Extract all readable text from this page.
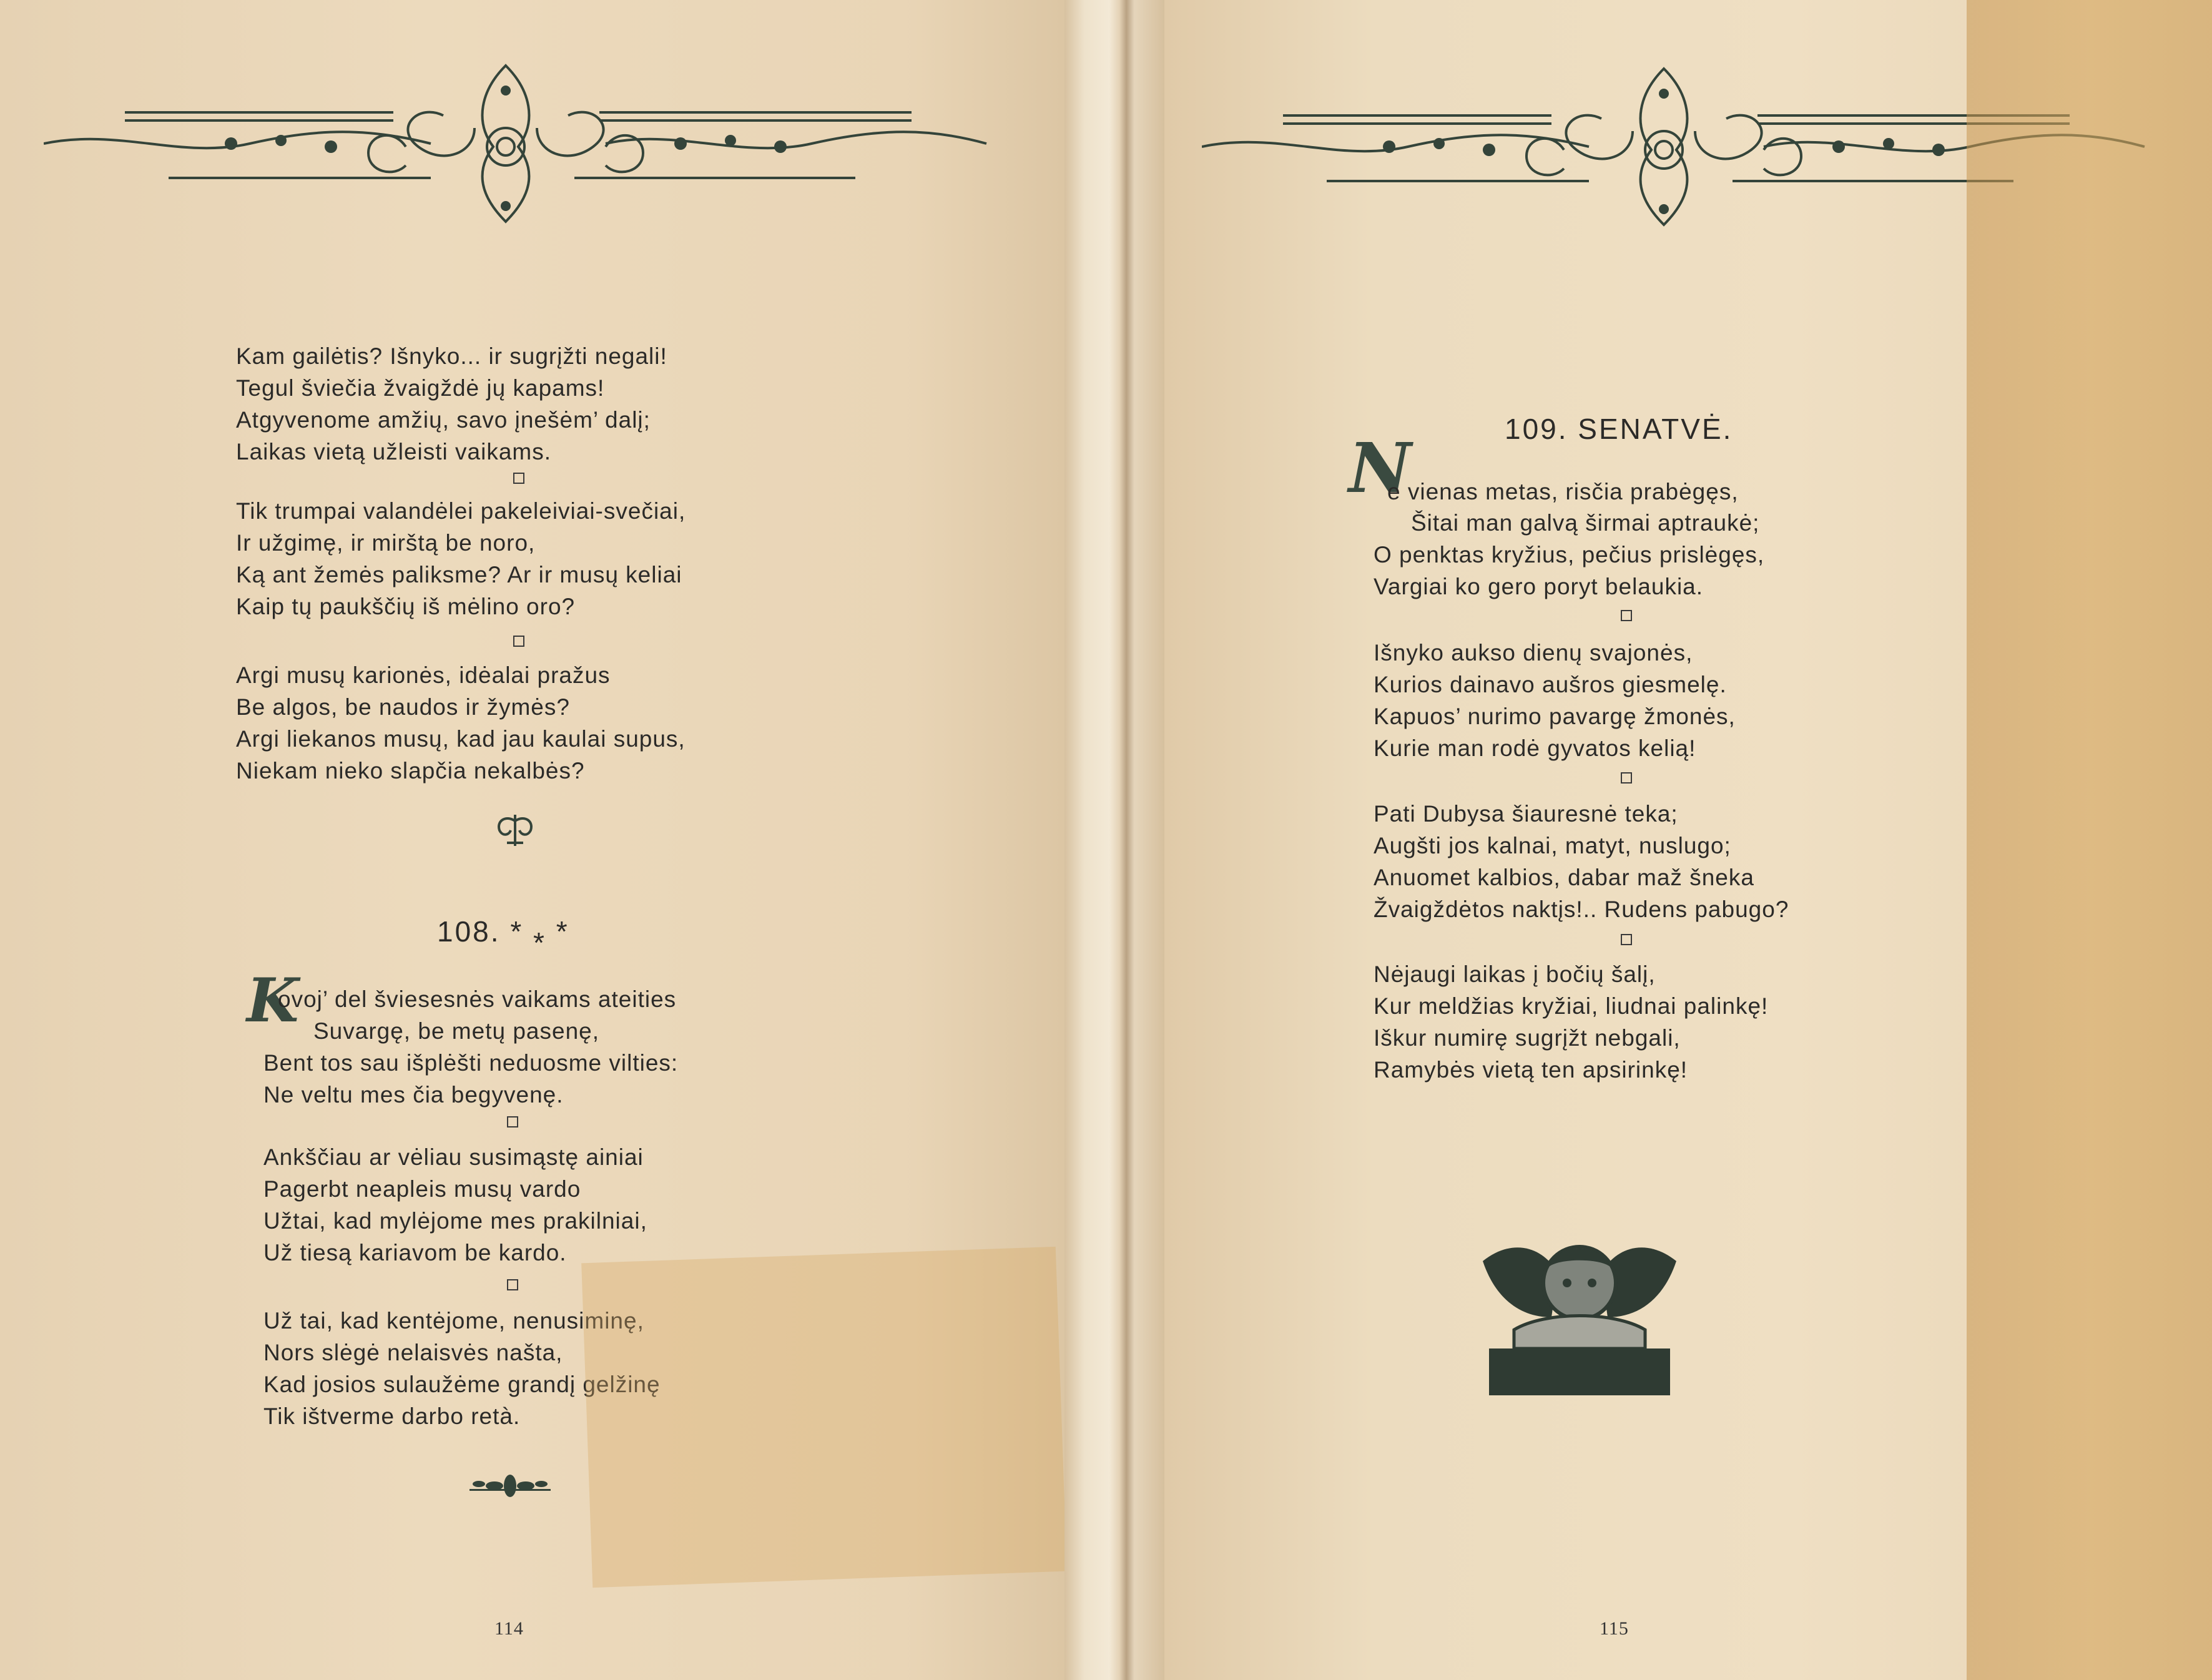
Kam gailėtis? Išnyko... ir sugrįžti negali!
Tegul šviečia žvaigždė jų kapams!
Atgyvenome amžių, savo įnešėm’ dalį;
Laikas vietą užleisti vaikams.
Tik trumpai valandėlei pakeleiviai-svečiai,
Ir užgimę, ir mirštą be noro,
Ką ant žemės paliksme? Ar ir musų keliai
Kaip tų paukščių iš mėlino oro?
Argi musų karionės, idėalai pražus
Be algos, be naudos ir žymės?
Argi liekanos musų, kad jau kaulai supus,
Niekam nieko slapčia nekalbės?
108. * * *
K
ovoj’ del šviesesnės vaikams ateities
Suvargę, be metų pasenę,
Bent tos sau išplėšti neduosme vilties:
Ne veltu mes čia begyvenę.
Ankščiau ar vėliau susimąstę ainiai
Pagerbt neapleis musų vardo
Užtai, kad mylėjome mes prakilniai,
Už tiesą kariavom be kardo.
Už tai, kad kentėjome, nenusiminę,
Nors slėgė nelaisvės našta,
Kad josios sulaužėme grandį gelžinę
Tik ištverme darbo retà.
114
109. SENATVĖ.
N
e vienas metas, risčia prabėgęs,
Šitai man galvą širmai aptraukė;
O penktas kryžius, pečius prislėgęs,
Vargiai ko gero poryt belaukia.
Išnyko aukso dienų svajonės,
Kurios dainavo aušros giesmelę.
Kapuos’ nurimo pavargę žmonės,
Kurie man rodė gyvatos kelią!
Pati Dubysa šiauresnė teka;
Augšti jos kalnai, matyt, nuslugo;
Anuomet kalbios, dabar maž šneka
Žvaigždėtos naktįs!.. Rudens pabugo?
Nėjaugi laikas į bočių šalį,
Kur meldžias kryžiai, liudnai palinkę!
Iškur numirę sugrįžt nebgali,
Ramybės vietą ten apsirinkę!
115
